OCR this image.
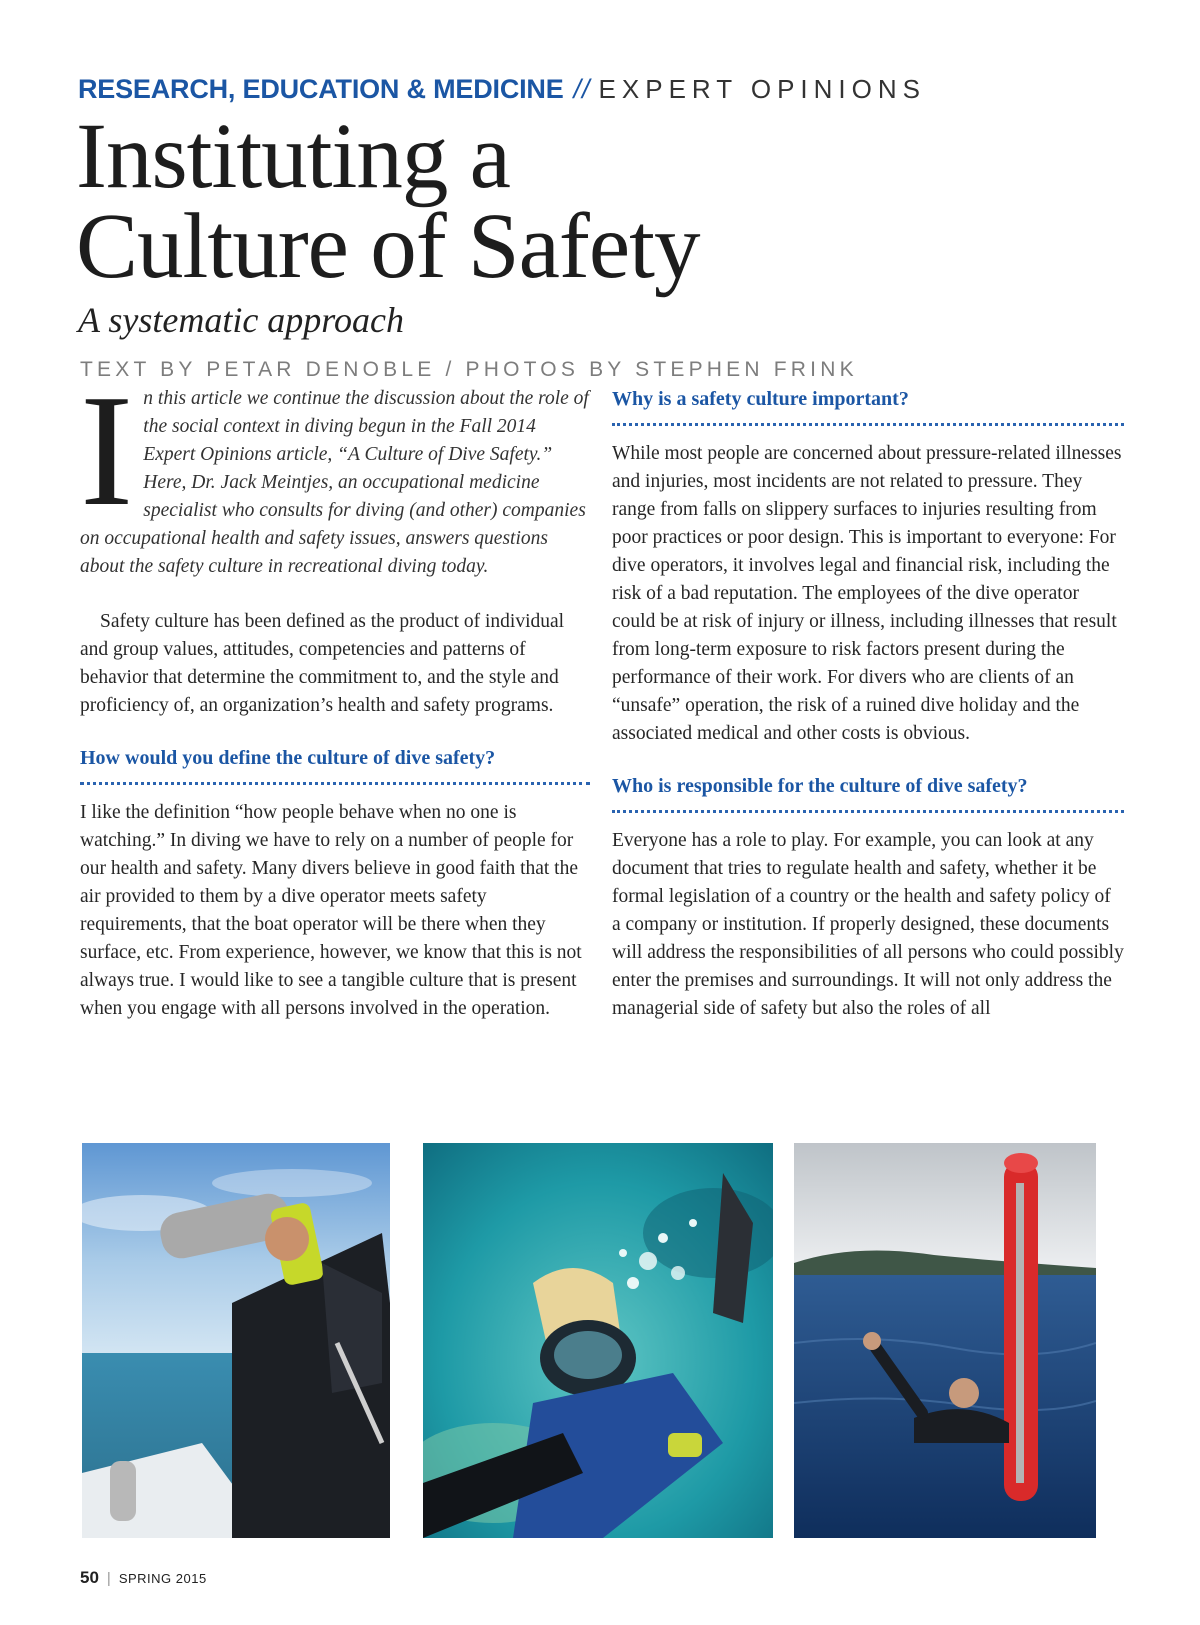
RESEARCH, EDUCATION & MEDICINE // EXPERT OPINIONS
Instituting a
Culture of Safety
A systematic approach
TEXT BY PETAR DENOBLE / PHOTOS BY STEPHEN FRINK

In this article we continue the discussion about the role of the social context in diving begun in the Fall 2014 Expert Opinions article, “A Culture of Dive Safety.” Here, Dr. Jack Meintjes, an occupational medicine specialist who consults for diving (and other) companies on occupational health and safety issues, answers questions about the safety culture in recreational diving today.

Safety culture has been defined as the product of individual and group values, attitudes, competencies and patterns of behavior that determine the commitment to, and the style and proficiency of, an organization’s health and safety programs.

How would you define the culture of dive safety?

I like the definition “how people behave when no one is watching.” In diving we have to rely on a number of people for our health and safety. Many divers believe in good faith that the air provided to them by a dive operator meets safety requirements, that the boat operator will be there when they surface, etc. From experience, however, we know that this is not always true. I would like to see a tangible culture that is present when you engage with all persons involved in the operation.

Why is a safety culture important?

While most people are concerned about pressure-related illnesses and injuries, most incidents are not related to pressure. They range from falls on slippery surfaces to injuries resulting from poor practices or poor design. This is important to everyone: For dive operators, it involves legal and financial risk, including the risk of a bad reputation. The employees of the dive operator could be at risk of injury or illness, including illnesses that result from long-term exposure to risk factors present during the performance of their work. For divers who are clients of an “unsafe” operation, the risk of a ruined dive holiday and the associated medical and other costs is obvious.

Who is responsible for the culture of dive safety?

Everyone has a role to play. For example, you can look at any document that tries to regulate health and safety, whether it be formal legislation of a country or the health and safety policy of a company or institution. If properly designed, these documents will address the responsibilities of all persons who could possibly enter the premises and surroundings. It will not only address the managerial side of safety but also the roles of all

50 | SPRING 2015
